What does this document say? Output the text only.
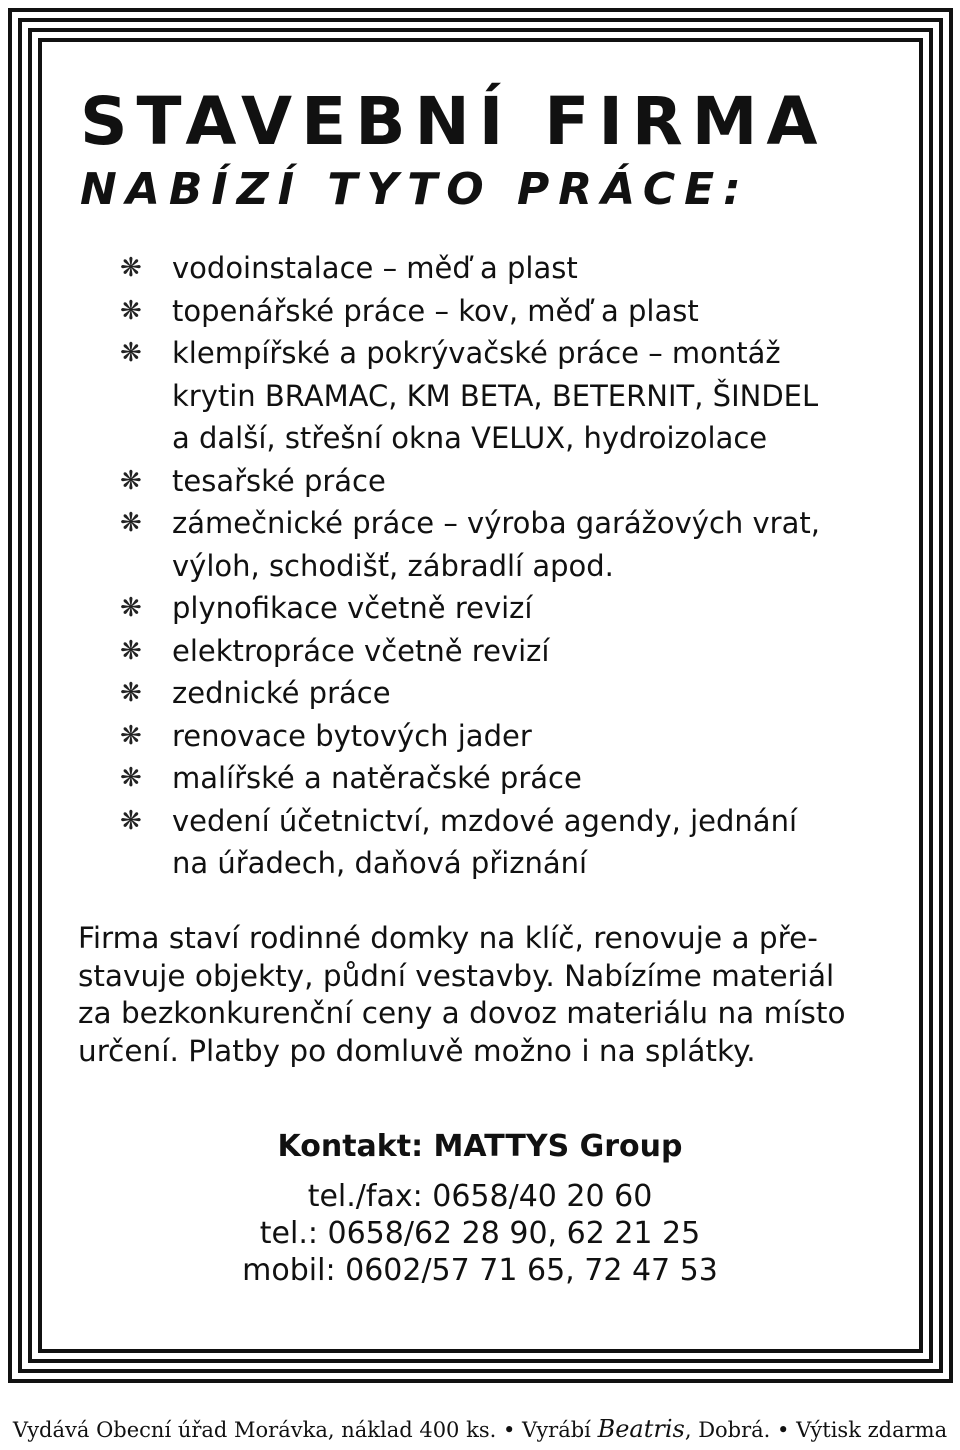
STAVEBNÍ FIRMA
NABÍZÍ TYTO PRÁCE:
❋	vodoinstalace – měď a plast
❋	topenářské práce – kov, měď a plast
❋	klempířské a pokrývačské práce – montáž
krytin BRAMAC, KM BETA, BETERNIT, ŠINDEL
a další, střešní okna VELUX, hydroizolace
❋	tesařské práce
❋	zámečnické práce – výroba garážových vrat,
výloh, schodišť, zábradlí apod.
❋	plynofikace včetně revizí
❋	elektropráce včetně revizí
❋	zednické práce
❋	renovace bytových jader
❋	malířské a natěračské práce
❋	vedení účetnictví, mzdové agendy, jednání
na úřadech, daňová přiznání
Firma staví rodinné domky na klíč, renovuje a pře-
stavuje objekty, půdní vestavby. Nabízíme materiál
za bezkonkurenční ceny a dovoz materiálu na místo
určení. Platby po domluvě možno i na splátky.
Kontakt: MATTYS Group
tel./fax: 0658/40 20 60
tel.: 0658/62 28 90, 62 21 25
mobil: 0602/57 71 65, 72 47 53
Vydává Obecní úřad Morávka, náklad 400 ks. • Vyrábí Beatris, Dobrá. • Výtisk zdarma
